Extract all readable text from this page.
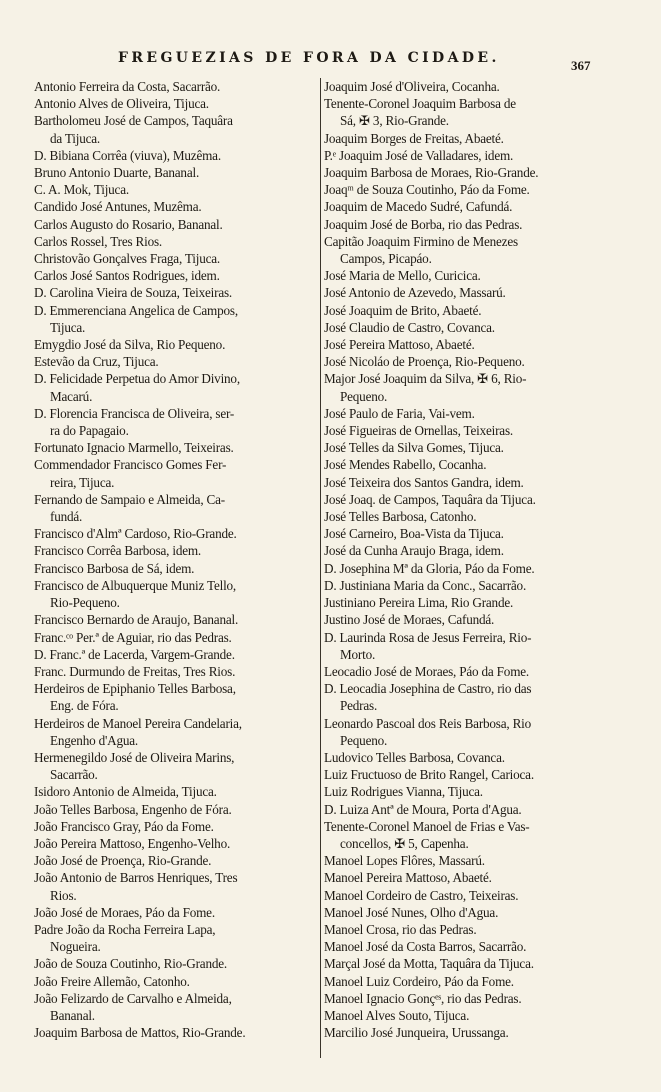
FREGUEZIAS DE FORA DA CIDADE.	367

Antonio Ferreira da Costa, Sacarrão.

Antonio Alves de Oliveira, Tijuca.

Bartholomeu José de Campos, Taquâra
da Tijuca.

D. Bibiana Corrêa (viuva), Muzêma.

Bruno Antonio Duarte, Bananal.

C. A. Mok, Tijuca.

Candido José Antunes, Muzêma.

Carlos Augusto do Rosario, Bananal.

Carlos Rossel, Tres Rios.

Christovão Gonçalves Fraga, Tijuca.

Carlos José Santos Rodrigues, idem.

D. Carolina Vieira de Souza, Teixeiras.

D. Emmerenciana Angelica de Campos,
Tijuca.

Emygdio José da Silva, Rio Pequeno.

Estevão da Cruz, Tijuca.

D. Felicidade Perpetua do Amor Divino,
Macarú.

D. Florencia Francisca de Oliveira, ser-
ra do Papagaio.

Fortunato Ignacio Marmello, Teixeiras.

Commendador Francisco Gomes Fer-
reira, Tijuca.

Fernando de Sampaio e Almeida, Ca-
fundá.

Francisco d'Almª Cardoso, Rio-Grande.

Francisco Corrêa Barbosa, idem.

Francisco Barbosa de Sá, idem.

Francisco de Albuquerque Muniz Tello,
Rio-Pequeno.

Francisco Bernardo de Araujo, Bananal.

Franc.ᶜᵒ Per.ª de Aguiar, rio das Pedras.

D. Franc.ª de Lacerda, Vargem-Grande.

Franc. Durmundo de Freitas, Tres Rios.

Herdeiros de Epiphanio Telles Barbosa,
Eng. de Fóra.

Herdeiros de Manoel Pereira Candelaria,
Engenho d'Agua.

Hermenegildo José de Oliveira Marins,
Sacarrão.

Isidoro Antonio de Almeida, Tijuca.

João Telles Barbosa, Engenho de Fóra.

João Francisco Gray, Páo da Fome.

João Pereira Mattoso, Engenho-Velho.

João José de Proença, Rio-Grande.

João Antonio de Barros Henriques, Tres
Rios.

João José de Moraes, Páo da Fome.

Padre João da Rocha Ferreira Lapa,
Nogueira.

João de Souza Coutinho, Rio-Grande.

João Freire Allemão, Catonho.

João Felizardo de Carvalho e Almeida,
Bananal.

Joaquim Barbosa de Mattos, Rio-Grande.

Joaquim José d'Oliveira, Cocanha.

Tenente-Coronel Joaquim Barbosa de
Sá, ✠ 3, Rio-Grande.

Joaquim Borges de Freitas, Abaeté.

P.ᵉ Joaquim José de Valladares, idem.

Joaquim Barbosa de Moraes, Rio-Grande.

Joaqᵐ de Souza Coutinho, Páo da Fome.

Joaquim de Macedo Sudré, Cafundá.

Joaquim José de Borba, rio das Pedras.

Capitão Joaquim Firmino de Menezes
Campos, Picapáo.

José Maria de Mello, Curicica.

José Antonio de Azevedo, Massarú.

José Joaquim de Brito, Abaeté.

José Claudio de Castro, Covanca.

José Pereira Mattoso, Abaeté.

José Nicoláo de Proença, Rio-Pequeno.

Major José Joaquim da Silva, ✠ 6, Rio-
Pequeno.

José Paulo de Faria, Vai-vem.

José Figueiras de Ornellas, Teixeiras.

José Telles da Silva Gomes, Tijuca.

José Mendes Rabello, Cocanha.

José Teixeira dos Santos Gandra, idem.

José Joaq. de Campos, Taquâra da Tijuca.

José Telles Barbosa, Catonho.

José Carneiro, Boa-Vista da Tijuca.

José da Cunha Araujo Braga, idem.

D. Josephina Mª da Gloria, Páo da Fome.

D. Justiniana Maria da Conc., Sacarrão.

Justiniano Pereira Lima, Rio Grande.

Justino José de Moraes, Cafundá.

D. Laurinda Rosa de Jesus Ferreira, Rio-
Morto.

Leocadio José de Moraes, Páo da Fome.

D. Leocadia Josephina de Castro, rio das
Pedras.

Leonardo Pascoal dos Reis Barbosa, Rio
Pequeno.

Ludovico Telles Barbosa, Covanca.

Luiz Fructuoso de Brito Rangel, Carioca.

Luiz Rodrigues Vianna, Tijuca.

D. Luiza Antª de Moura, Porta d'Agua.

Tenente-Coronel Manoel de Frias e Vas-
concellos, ✠ 5, Capenha.

Manoel Lopes Flôres, Massarú.

Manoel Pereira Mattoso, Abaeté.

Manoel Cordeiro de Castro, Teixeiras.

Manoel José Nunes, Olho d'Agua.

Manoel Crosa, rio das Pedras.

Manoel José da Costa Barros, Sacarrão.

Marçal José da Motta, Taquâra da Tijuca.

Manoel Luiz Cordeiro, Páo da Fome.

Manoel Ignacio Gonçᵉˢ, rio das Pedras.

Manoel Alves Souto, Tijuca.

Marcilio José Junqueira, Urussanga.
